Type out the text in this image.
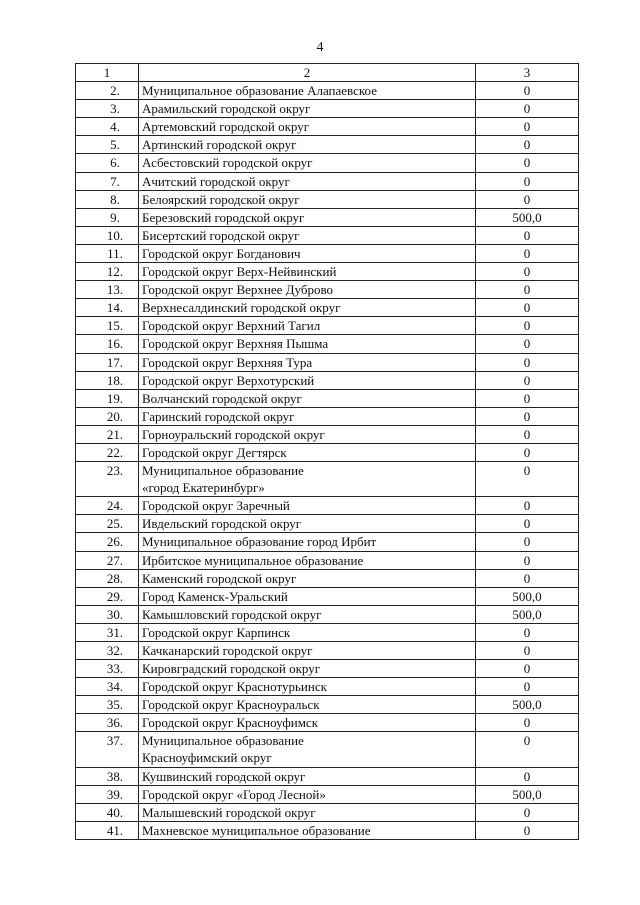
4
1	2	3
2.	Муниципальное образование Алапаевское	0
3.	Арамильский городской округ	0
4.	Артемовский городской округ	0
5.	Артинский городской округ	0
6.	Асбестовский городской округ	0
7.	Ачитский городской округ	0
8.	Белоярский городской округ	0
9.	Березовский городской округ	500,0
10.	Бисертский городской округ	0
11.	Городской округ Богданович	0
12.	Городской округ Верх-Нейвинский	0
13.	Городской округ Верхнее Дуброво	0
14.	Верхнесалдинский городской округ	0
15.	Городской округ Верхний Тагил	0
16.	Городской округ Верхняя Пышма	0
17.	Городской округ Верхняя Тура	0
18.	Городской округ Верхотурский	0
19.	Волчанский городской округ	0
20.	Гаринский городской округ	0
21.	Горноуральский городской округ	0
22.	Городской округ Дегтярск	0
23.	Муниципальное образование
«город Екатеринбург»	0
24.	Городской округ Заречный	0
25.	Ивдельский городской округ	0
26.	Муниципальное образование город Ирбит	0
27.	Ирбитское муниципальное образование	0
28.	Каменский городской округ	0
29.	Город Каменск-Уральский	500,0
30.	Камышловский городской округ	500,0
31.	Городской округ Карпинск	0
32.	Качканарский городской округ	0
33.	Кировградский городской округ	0
34.	Городской округ Краснотурьинск	0
35.	Городской округ Красноуральск	500,0
36.	Городской округ Красноуфимск	0
37.	Муниципальное образование
Красноуфимский округ	0
38.	Кушвинский городской округ	0
39.	Городской округ «Город Лесной»	500,0
40.	Малышевский городской округ	0
41.	Махневское муниципальное образование	0
